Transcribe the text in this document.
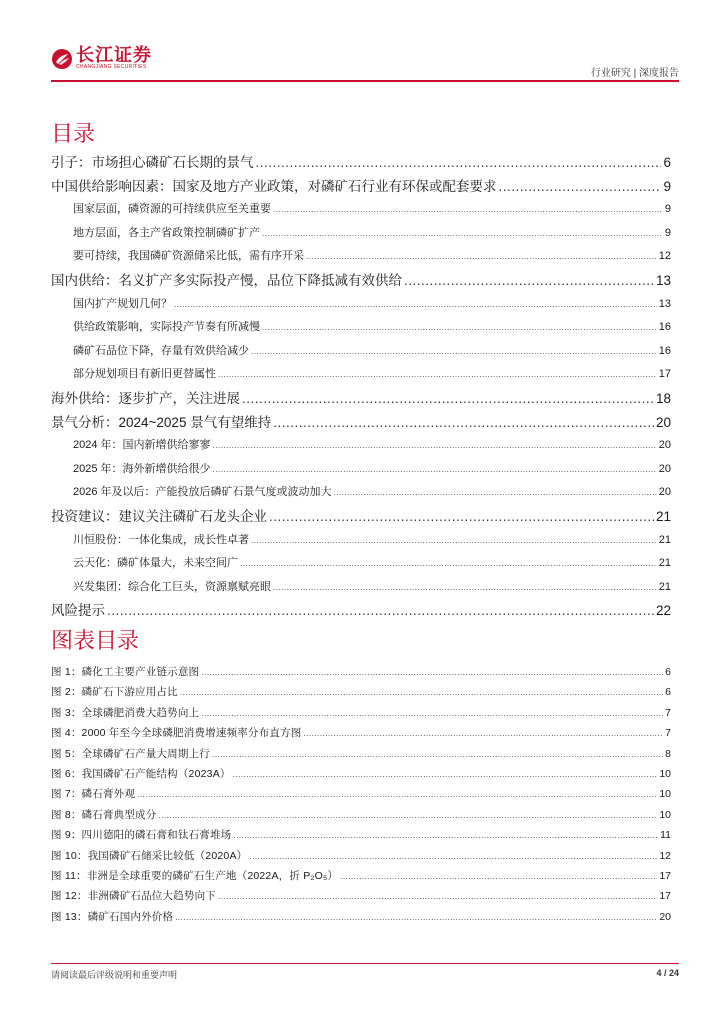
长江证券
CHANGJIANG SECURITIES
行业研究 | 深度报告
目录
引子：市场担心磷矿石长期的景气 .....	6
中国供给影响因素：国家及地方产业政策，对磷矿石行业有环保或配套要求 .....	9
国家层面，磷资源的可持续供应至关重要 .....	9
地方层面，各主产省政策控制磷矿扩产 .....	9
要可持续，我国磷矿资源储采比低，需有序开采 .....	12
国内供给：名义扩产多实际投产慢，品位下降抵减有效供给 .....	13
国内扩产规划几何？ .....	13
供给政策影响，实际投产节奏有所减慢 .....	16
磷矿石品位下降，存量有效供给减少 .....	16
部分规划项目有新旧更替属性 .....	17
海外供给：逐步扩产，关注进展 .....	18
景气分析：2024~2025 景气有望维持 .....	20
2024 年：国内新增供给寥寥 .....	20
2025 年：海外新增供给很少 .....	20
2026 年及以后：产能投放后磷矿石景气度或波动加大 .....	20
投资建议：建议关注磷矿石龙头企业 .....	21
川恒股份：一体化集成，成长性卓著 .....	21
云天化：磷矿体量大，未来空间广 .....	21
兴发集团：综合化工巨头，资源禀赋亮眼 .....	21
风险提示 .....	22
图表目录
图 1：磷化工主要产业链示意图 .....	6
图 2：磷矿石下游应用占比 .....	6
图 3：全球磷肥消费大趋势向上 .....	7
图 4：2000 年至今全球磷肥消费增速频率分布直方图 .....	7
图 5：全球磷矿石产量大周期上行 .....	8
图 6：我国磷矿石产能结构（2023A） .....	10
图 7：磷石膏外观 .....	10
图 8：磷石膏典型成分 .....	10
图 9：四川德阳的磷石膏和钛石膏堆场 .....	11
图 10：我国磷矿石储采比较低（2020A） .....	12
图 11：非洲是全球重要的磷矿石生产地（2022A，折 P₂O₅） .....	17
图 12：非洲磷矿石品位大趋势向下 .....	17
图 13：磷矿石国内外价格 .....	20
请阅读最后评级说明和重要声明	4 / 24
